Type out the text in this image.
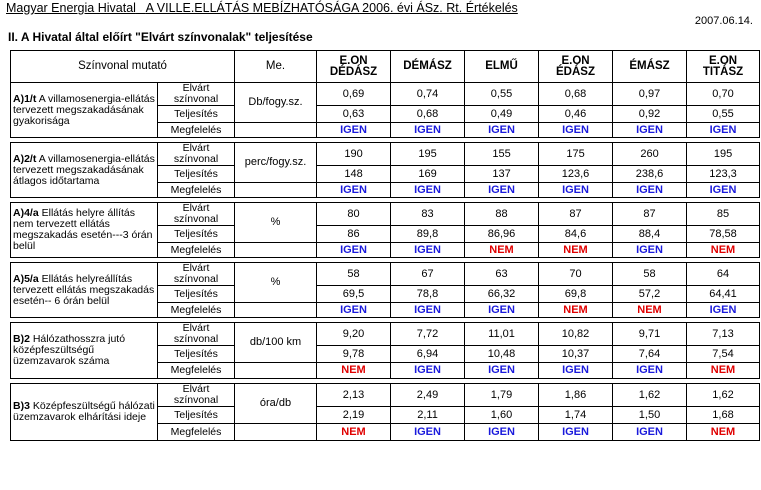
Magyar Energia Hivatal A VILLE.ELLÁTÁS MEBÍZHATÓSÁGA 2006. évi ÁSz. Rt. Értékelés
2007.06.14.
II. A Hivatal által előírt "Elvárt színvonalak" teljesítése
Színvonal mutató		Me.	E.ON DÉDÁSZ	DÉMÁSZ	ELMŰ	E.ON ÉDÁSZ	ÉMÁSZ	E.ON TITÁSZ
A)1/t A villamosenergia-ellátás tervezett megszakadásának gyakorisága	Elvárt színvonal	Db/fogy.sz.	0,69	0,74	0,55	0,68	0,97	0,70
	Teljesítés		0,63	0,68	0,49	0,46	0,92	0,55
	Megfelelés		IGEN	IGEN	IGEN	IGEN	IGEN	IGEN

A)2/t A villamosenergia-ellátás tervezett megszakadásának átlagos időtartama	Elvárt színvonal	perc/fogy.sz.	190	195	155	175	260	195
	Teljesítés		148	169	137	123,6	238,6	123,3
	Megfelelés		IGEN	IGEN	IGEN	IGEN	IGEN	IGEN

A)4/a Ellátás helyre állítás nem tervezett ellátás megszakadás esetén---3 órán belül	Elvárt színvonal	%	80	83	88	87	87	85
	Teljesítés		86	89,8	86,96	84,6	88,4	78,58
	Megfelelés		IGEN	IGEN	NEM	NEM	IGEN	NEM

A)5/a Ellátás helyreállítás tervezett ellátás megszakadás esetén-- 6 órán belül	Elvárt színvonal	%	58	67	63	70	58	64
	Teljesítés		69,5	78,8	66,32	69,8	57,2	64,41
	Megfelelés		IGEN	IGEN	IGEN	NEM	NEM	IGEN

B)2 Hálózathosszra jutó középfeszültségű üzemzavarok száma	Elvárt színvonal	db/100 km	9,20	7,72	11,01	10,82	9,71	7,13
	Teljesítés		9,78	6,94	10,48	10,37	7,64	7,54
	Megfelelés		NEM	IGEN	IGEN	IGEN	IGEN	NEM

B)3 Középfeszültségű hálózati üzemzavarok elhárítási ideje	Elvárt színvonal	óra/db	2,13	2,49	1,79	1,86	1,62	1,62
	Teljesítés		2,19	2,11	1,60	1,74	1,50	1,68
	Megfelelés		NEM	IGEN	IGEN	IGEN	IGEN	NEM
